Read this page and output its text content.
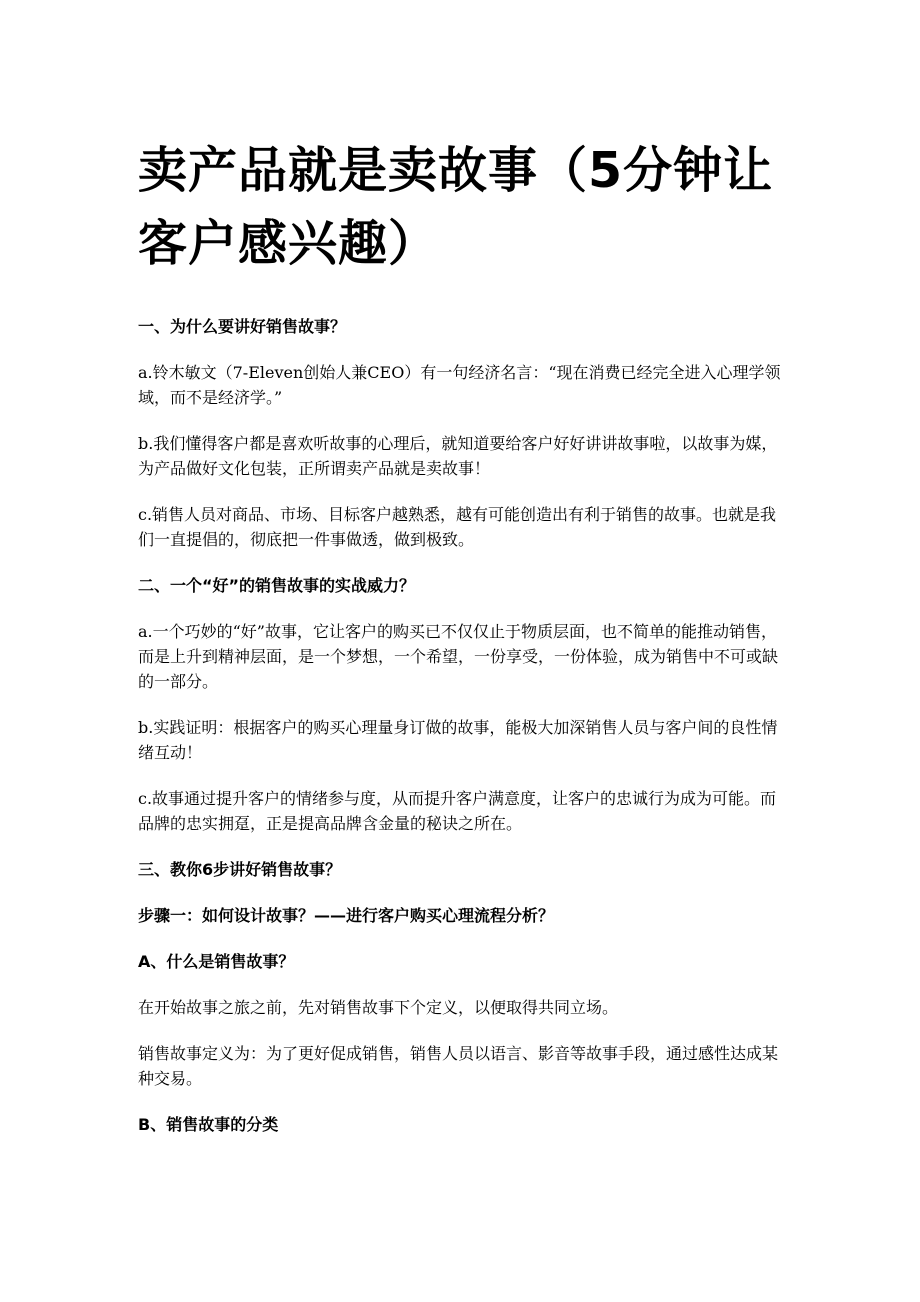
卖产品就是卖故事（5分钟让客户感兴趣）

一、为什么要讲好销售故事？

a.铃木敏文（7-Eleven创始人兼CEO）有一句经济名言：“现在消费已经完全进入心理学领域，而不是经济学。”

b.我们懂得客户都是喜欢听故事的心理后，就知道要给客户好好讲讲故事啦，以故事为媒，为产品做好文化包装，正所谓卖产品就是卖故事！

c.销售人员对商品、市场、目标客户越熟悉，越有可能创造出有利于销售的故事。也就是我们一直提倡的，彻底把一件事做透，做到极致。

二、一个“好”的销售故事的实战威力？

a.一个巧妙的“好”故事，它让客户的购买已不仅仅止于物质层面，也不简单的能推动销售，而是上升到精神层面，是一个梦想，一个希望，一份享受，一份体验，成为销售中不可或缺的一部分。

b.实践证明：根据客户的购买心理量身订做的故事，能极大加深销售人员与客户间的良性情绪互动！

c.故事通过提升客户的情绪参与度，从而提升客户满意度，让客户的忠诚行为成为可能。而品牌的忠实拥趸，正是提高品牌含金量的秘诀之所在。

三、教你6步讲好销售故事？

步骤一：如何设计故事？——进行客户购买心理流程分析？

A、什么是销售故事？

在开始故事之旅之前，先对销售故事下个定义，以便取得共同立场。

销售故事定义为：为了更好促成销售，销售人员以语言、影音等故事手段，通过感性达成某种交易。

B、销售故事的分类
